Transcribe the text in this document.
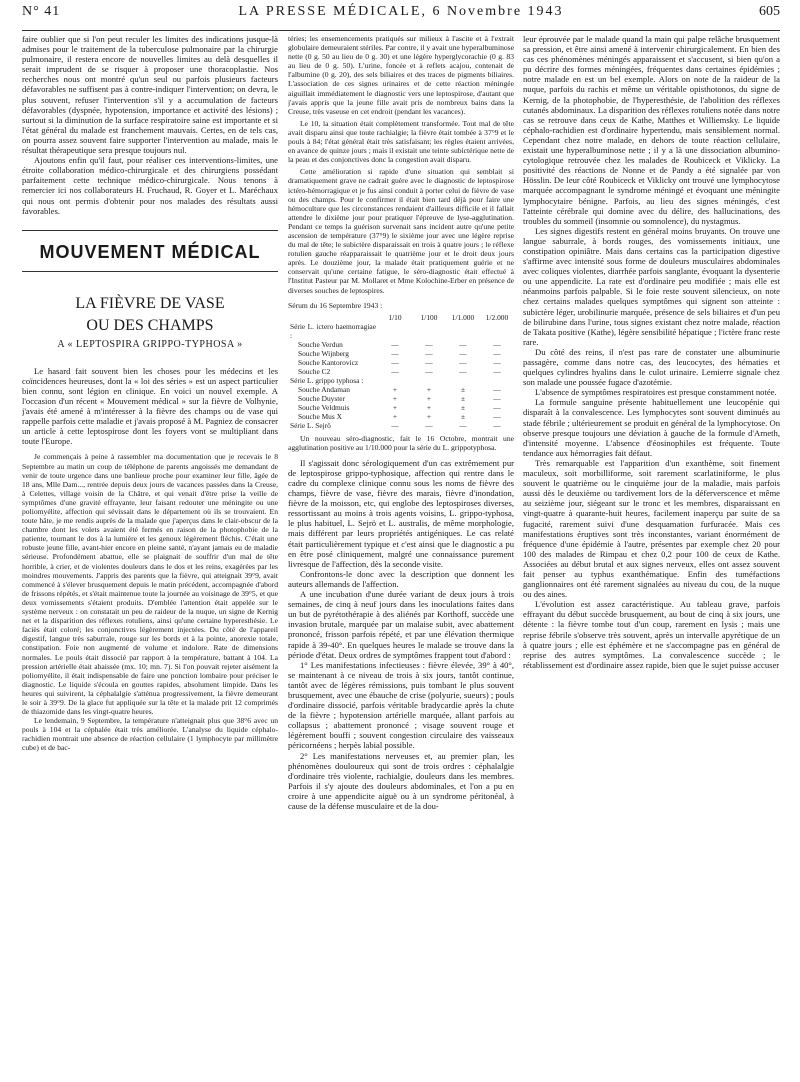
N° 41	LA PRESSE MÉDICALE, 6 Novembre 1943	605

faire oublier que si l'on peut reculer les limites des indications jusque-là admises pour le traitement de la tuberculose pulmonaire par la chirurgie pulmonaire, il restera encore de nouvelles limites au delà desquelles il serait imprudent de se risquer à proposer une thoracoplastie. Nos recherches nous ont montré qu'un seul ou parfois plusieurs facteurs défavorables ne suffisent pas à contre-indiquer l'intervention; on devra, le plus souvent, refuser l'intervention s'il y a accumulation de facteurs défavorables (dyspnée, hypotension, importance et activité des lésions) ; surtout si la diminution de la surface respiratoire saine est importante et si l'état général du malade est franchement mauvais. Certes, en de tels cas, on pourra assez souvent faire supporter l'intervention au malade, mais le résultat thérapeutique sera presque toujours nul.

Ajoutons enfin qu'il faut, pour réaliser ces interventions-limites, une étroite collaboration médico-chirurgicale et des chirurgiens possédant parfaitement cette technique médico-chirurgicale. Nous tenons à remercier ici nos collaborateurs H. Fruchaud, R. Goyer et L. Maréchaux qui nous ont permis d'obtenir pour nos malades des résultats aussi favorables.

MOUVEMENT MÉDICAL
LA FIÈVRE DE VASE
OU DES CHAMPS
A « LEPTOSPIRA GRIPPO-TYPHOSA »

Le hasard fait souvent bien les choses pour les médecins et les coïncidences heureuses, dont la « loi des séries » est un aspect particulier bien connu, sont légion en clinique. En voici un nouvel exemple. A l'occasion d'un récent « Mouvement médical » sur la fièvre de Volhynie, j'avais été amené à m'intéresser à la fièvre des champs ou de vase qui rappelle parfois cette maladie et j'avais proposé à M. Pagniez de consacrer un article à cette leptospirose dont les foyers vont se multipliant dans toute l'Europe.

Je commençais à peine à rassembler ma documentation que je recevais le 8 Septembre au matin un coup de téléphone de parents angoissés me demandant de venir de toute urgence dans une banlieue proche pour examiner leur fille, âgée de 18 ans, Mlle Dam..., rentrée depuis deux jours de vacances passées dans la Creuse, à Celettes, village voisin de la Châtre, et qui venait d'être prise la veille de symptômes d'une gravité effrayante, leur faisant redouter une méningite ou une poliomyélite, affection qui sévissait dans le département où ils se trouvaient. En toute hâte, je me rendis auprès de la malade que j'aperçus dans le clair-obscur de la chambre dont les volets avaient été fermés en raison de la photophobie de la patiente, tournant le dos à la lumière et les genoux légèrement fléchis. C'était une robuste jeune fille, avant-hier encore en pleine santé, n'ayant jamais eu de maladie sérieuse. Profondément abattue, elle se plaignait de souffrir d'un mal de tête horrible, à crier, et de violentes douleurs dans le dos et les reins, exagérées par les moindres mouvements. J'appris des parents que la fièvre, qui atteignait 39°9, avait commencé à s'élever brusquement depuis le matin précédent, accompagnée d'abord de frissons répétés, et s'était maintenue toute la journée au voisinage de 39°5, et que deux vomissements s'étaient produits. D'emblée l'attention était appelée sur le système nerveux : on constatait un peu de raideur de la nuque, un signe de Kernig net et la disparition des réflexes rotuliens, ainsi qu'une certaine hyperesthésie. Le faciès était coloré; les conjonctives légèrement injectées. Du côté de l'appareil digestif, langue très saburrale, rouge sur les bords et à la pointe, anorexie totale, constipation. Foie non augmenté de volume et indolore. Rate de dimensions normales. Le pouls était dissocié par rapport à la température, battant à 104. La pression artérielle était abaissée (mx. 10; mn. 7). Si l'on pouvait rejeter aisément la poliomyélite, il était indispensable de faire une ponction lombaire pour préciser le diagnostic. Le liquide s'écoula en gouttes rapides, absolument limpide. Dans les heures qui suivirent, la céphalalgie s'atténua progressivement, la fièvre demeurant le soir à 39°9. De la glace fut appliquée sur la tête et la malade prit 12 comprimés de thiazomide dans les vingt-quatre heures.

Le lendemain, 9 Septembre, la température n'atteignait plus que 38°6 avec un pouls à 104 et la céphalée était très améliorée. L'analyse du liquide céphalo-rachidien montrait une absence de réaction cellulaire (1 lymphocyte par millimètre cube) et de bac-

téries; les ensemencements pratiqués sur milieux à l'ascite et à l'extrait globulaire demeuraient stériles. Par contre, il y avait une hyperalbuminose nette (0 g. 50 au lieu de 0 g. 30) et une légère hyperglycorachie (0 g. 83 au lieu de 0 g. 50). L'urine, foncée et à reflets acajou, contenait de l'albumine (0 g. 20), des sels biliaires et des traces de pigments biliaires. L'association de ces signes urinaires et de cette réaction méningée aiguillait immédiatement le diagnostic vers une leptospirose, d'autant que j'avais appris que la jeune fille avait pris de nombreux bains dans la Creuse, très vaseuse en cet endroit (pendant les vacances).

Le 10, la situation était complètement transformée. Tout mal de tête avait disparu ainsi que toute rachialgie; la fièvre était tombée à 37°9 et le pouls à 84; l'état général était très satisfaisant; les règles étaient arrivées, en avance de quinze jours ; mais il existait une teinte subictérique nette de la peau et des conjonctives donc la congestion avait disparu.

Cette amélioration si rapide d'une situation qui semblait si dramatiquement grave ne cadrait guère avec le diagnostic de leptospirose ictéro-hémorragique et je fus ainsi conduit à porter celui de fièvre de vase ou des champs. Pour le confirmer il était bien tard déjà pour faire une hémoculture que les circonstances rendaient d'ailleurs difficile et il fallait attendre le dixième jour pour pratiquer l'épreuve de lyse-agglutination. Pendant ce temps la guérison survenait sans incident autre qu'une petite ascension de température (37°9) le sixième jour avec une légère reprise du mal de tête; le subictère disparaissait en trois à quatre jours ; le réflexe rotulien gauche réapparaissait le quatrième jour et le droit deux jours après. Le douzième jour, la malade était pratiquement guérie et ne conservait qu'une certaine fatigue, le séro-diagnostic était effectué à l'Institut Pasteur par M. Mollaret et Mme Kolochine-Erber en présence de diverses souches de leptospires.

Sérum du 16 Septembre 1943 :
	1/10	1/100	1/1.000	1/2.000
Série L. ictero haemorragiae :				
Souche Verdun	—	—	—	—
Souche Wijnberg	—	—	—	—
Souche Kantorovicz	—	—	—	—
Souche C2	—	—	—	—
Série L. grippo typhosa :				
Souche Andaman	+	+	±	—
Souche Duyster	+	+	±	—
Souche Veldmuis	+	+	±	—
Souche Mus X	+	+	±	—
Série L. Sejrö	—	—	—	—

Un nouveau séro-diagnostic, fait le 16 Octobre, montrait une agglutination positive au 1/10.000 pour la série du L. grippotyphosa.

Il s'agissait donc sérologiquement d'un cas extrêmement pur de leptospirose grippo-typhosique, affection qui rentre dans le cadre du complexe clinique connu sous les noms de fièvre des champs, fièvre de vase, fièvre des marais, fièvre d'inondation, fièvre de la moisson, etc, qui englobe des leptospiroses diverses, ressortissant au moins à trois agents voisins, L. grippo-typhosa, le plus habituel, L. Sejrö et L. australis, de même morphologie, mais différent par leurs propriétés antigéniques. Le cas relaté était particulièrement typique et c'est ainsi que le diagnostic a pu en être posé cliniquement, malgré une connaissance purement livresque de l'affection, dès la seconde visite.

Confrontons-le donc avec la description que donnent les auteurs allemands de l'affection.

A une incubation d'une durée variant de deux jours à trois semaines, de cinq à neuf jours dans les inoculations faites dans un but de pyrétothérapie à des aliénés par Korthoff, succède une invasion brutale, marquée par un malaise subit, avec abattement prononcé, frisson parfois répété, et par une élévation thermique rapide à 39-40°. En quelques heures le malade se trouve dans la période d'état. Deux ordres de symptômes frappent tout d'abord :

1° Les manifestations infectieuses : fièvre élevée, 39° à 40°, se maintenant à ce niveau de trois à six jours, tantôt continue, tantôt avec de légères rémissions, puis tombant le plus souvent brusquement, avec une ébauche de crise (polyurie, sueurs) ; pouls d'ordinaire dissocié, parfois véritable bradycardie après la chute de la fièvre ; hypotension artérielle marquée, allant parfois au collapsus ; abattement prononcé ; visage souvent rouge et légèrement bouffi ; souvent congestion circulaire des vaisseaux péricornéens ; herpès labial possible.

2° Les manifestations nerveuses et, au premier plan, les phénomènes douloureux qui sont de trois ordres : céphalalgie d'ordinaire très violente, rachialgie, douleurs dans les membres. Parfois il s'y ajoute des douleurs abdominales, et l'on a pu en croire à une appendicite aiguë ou à un syndrome péritonéal, à cause de la défense musculaire et de la dou-

leur éprouvée par le malade quand la main qui palpe relâche brusquement sa pression, et être ainsi amené à intervenir chirurgicalement. En bien des cas ces phénomènes méningés apparaissent et s'accusent, si bien qu'on a pu décrire des formes méningées, fréquentes dans certaines épidémies ; notre malade en est un bel exemple. Alors on note de la raideur de la nuque, parfois du rachis et même un véritable opisthotonos, du signe de Kernig, de la photophobie, de l'hyperesthésie, de l'abolition des réflexes cutanés abdominaux. La disparition des réflexes rotuliens notée dans notre cas se retrouve dans ceux de Kathe, Matthes et Williemsky. Le liquide céphalo-rachidien est d'ordinaire hypertendu, mais sensiblement normal. Cependant chez notre malade, en dehors de toute réaction cellulaire, existait une hyperalbuminose nette ; il y a là une dissociation albumino-cytologique retrouvée chez les malades de Roubiceck et Viklicky. La positivité des réactions de Nonne et de Pandy a été signalée par von Hösslin. De leur côté Roubiceck et Viklicky ont trouvé une lymphocytose marquée accompagnant le syndrome méningé et évoquant une méningite lymphocytaire bénigne. Parfois, au lieu des signes méningés, c'est l'atteinte cérébrale qui domine avec du délire, des hallucinations, des troubles du sommeil (insomnie ou somnolence), du nystagmus.

Les signes digestifs restent en général moins bruyants. On trouve une langue saburrale, à bords rouges, des vomissements initiaux, une constipation opiniâtre. Mais dans certains cas la participation digestive s'affirme avec intensité sous forme de douleurs musculaires abdominales avec coliques violentes, diarrhée parfois sanglante, évoquant la dysenterie ou une appendicite. La rate est d'ordinaire peu modifiée ; mais elle est néanmoins parfois palpable. Si le foie reste souvent silencieux, on note chez certains malades quelques symptômes qui signent son atteinte : subictère léger, urobilinurie marquée, présence de sels biliaires et d'un peu de bilirubine dans l'urine, tous signes existant chez notre malade, réaction de Takata positive (Kathe), légère sensibilité hépatique ; l'ictère franc reste rare.

Du côté des reins, il n'est pas rare de constater une albuminurie passagère, comme dans notre cas, des leucocytes, des hématies et quelques cylindres hyalins dans le culot urinaire. Lemierre signale chez son malade une poussée fugace d'azotémie.

L'absence de symptômes respiratoires est presque constamment notée.

La formule sanguine présente habituellement une leucopénie qui disparaît à la convalescence. Les lymphocytes sont souvent diminués au stade fébrile ; ultérieurement se produit en général de la lymphocytose. On observe presque toujours une déviation à gauche de la formule d'Arneth, d'intensité moyenne. L'absence d'éosinophiles est fréquente. Toute tendance aux hémorragies fait défaut.

Très remarquable est l'apparition d'un exanthème, soit finement maculeux, soit morbilliforme, soit rarement scarlatiniforme, le plus souvent le quatrième ou le cinquième jour de la maladie, mais parfois aussi dès le deuxième ou tardivement lors de la déferverscence et même au seizième jour, siégeant sur le tronc et les membres, disparaissant en vingt-quatre à quarante-huit heures, facilement inaperçu par suite de sa fugacité, rarement suivi d'une desquamation furfuracée. Mais ces manifestations éruptives sont très inconstantes, variant énormément de fréquence d'une épidémie à l'autre, présentes par exemple chez 20 pour 100 des malades de Rimpau et chez 0,2 pour 100 de ceux de Kathe. Associées au début brutal et aux signes nerveux, elles ont assez souvent fait penser au typhus exanthématique. Enfin des tuméfactions ganglionnaires ont été rarement signalées au niveau du cou, de la nuque ou des aines.

L'évolution est assez caractéristique. Au tableau grave, parfois effrayant du début succède brusquement, au bout de cinq à six jours, une détente : la fièvre tombe tout d'un coup, rarement en lysis ; mais une reprise fébrile s'observe très souvent, après un intervalle apyrétique de un à quatre jours ; elle est éphémère et ne s'accompagne pas en général de reprise des autres symptômes. La convalescence succède ; le rétablissement est d'ordinaire assez rapide, bien que le sujet puisse accuser
